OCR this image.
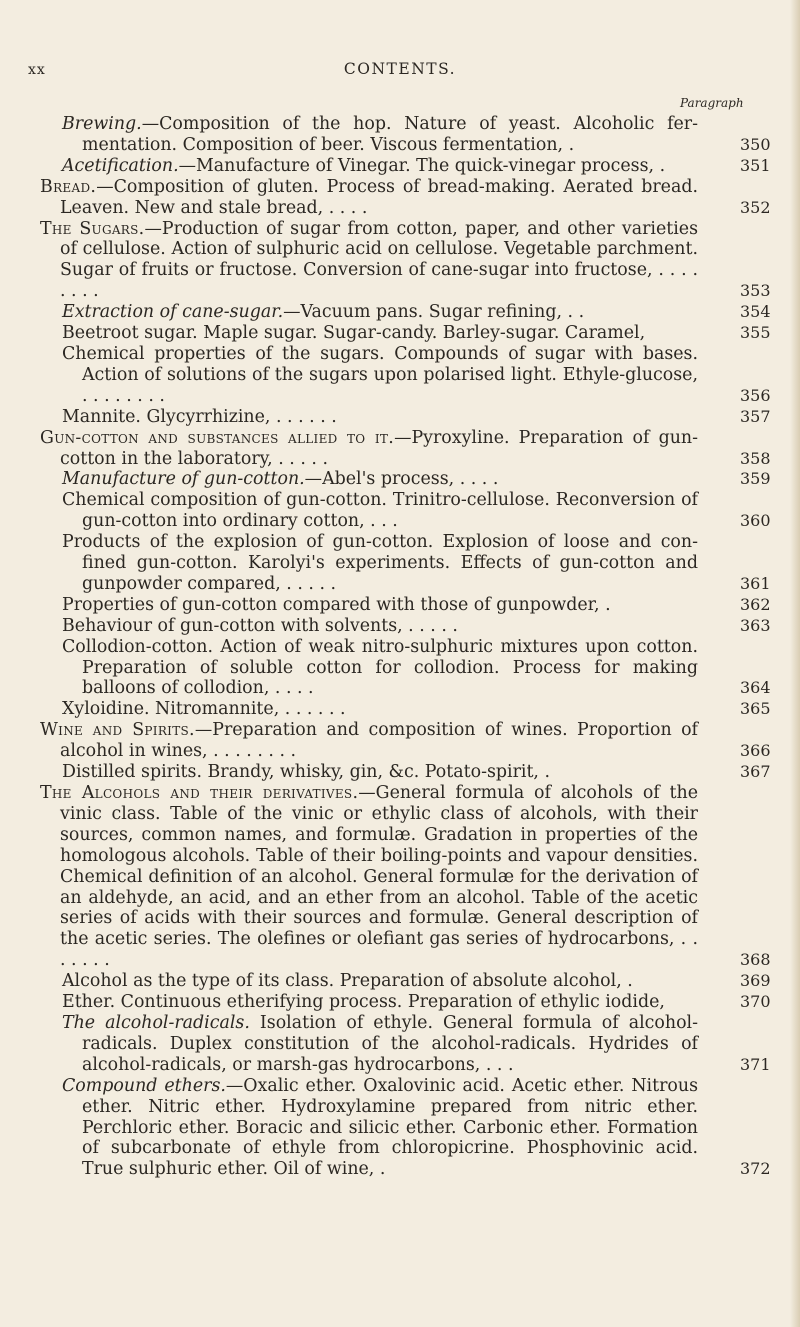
xx	CONTENTS.
Paragraph
Brewing.—Composition of the hop. Nature of yeast. Alcoholic fermentation. Composition of beer. Viscous fermentation, .	350
Acetification.—Manufacture of Vinegar. The quick-vinegar process, .	351
Bread.—Composition of gluten. Process of bread-making. Aerated bread. Leaven. New and stale bread, . . . .	352
The Sugars.—Production of sugar from cotton, paper, and other varieties of cellulose. Action of sulphuric acid on cellulose. Vegetable parchment. Sugar of fruits or fructose. Conversion of cane-sugar into fructose, . . . . . . . .	353
Extraction of cane-sugar.—Vacuum pans. Sugar refining, . .	354
Beetroot sugar. Maple sugar. Sugar-candy. Barley-sugar. Caramel,	355
Chemical properties of the sugars. Compounds of sugar with bases. Action of solutions of the sugars upon polarised light. Ethyle-glucose, . . . . . . . .	356
Mannite. Glycyrrhizine, . . . . . .	357
Gun-cotton and substances allied to it.—Pyroxyline. Preparation of gun-cotton in the laboratory, . . . . .	358
Manufacture of gun-cotton.—Abel's process, . . . .	359
Chemical composition of gun-cotton. Trinitro-cellulose. Reconversion of gun-cotton into ordinary cotton, . . .	360
Products of the explosion of gun-cotton. Explosion of loose and confined gun-cotton. Karolyi's experiments. Effects of gun-cotton and gunpowder compared, . . . . .	361
Properties of gun-cotton compared with those of gunpowder, .	362
Behaviour of gun-cotton with solvents, . . . . .	363
Collodion-cotton. Action of weak nitro-sulphuric mixtures upon cotton. Preparation of soluble cotton for collodion. Process for making balloons of collodion, . . . .	364
Xyloidine. Nitromannite, . . . . . .	365
Wine and Spirits.—Preparation and composition of wines. Proportion of alcohol in wines, . . . . . . . .	366
Distilled spirits. Brandy, whisky, gin, &c. Potato-spirit, .	367
The Alcohols and their derivatives.—General formula of alcohols of the vinic class. Table of the vinic or ethylic class of alcohols, with their sources, common names, and formulæ. Gradation in properties of the homologous alcohols. Table of their boiling-points and vapour densities. Chemical definition of an alcohol. General formulæ for the derivation of an aldehyde, an acid, and an ether from an alcohol. Table of the acetic series of acids with their sources and formulæ. General description of the acetic series. The olefines or olefiant gas series of hydrocarbons, . . . . . . .	368
Alcohol as the type of its class. Preparation of absolute alcohol, .	369
Ether. Continuous etherifying process. Preparation of ethylic iodide,	370
The alcohol-radicals. Isolation of ethyle. General formula of alcohol-radicals. Duplex constitution of the alcohol-radicals. Hydrides of alcohol-radicals, or marsh-gas hydrocarbons, . . .	371
Compound ethers.—Oxalic ether. Oxalovinic acid. Acetic ether. Nitrous ether. Nitric ether. Hydroxylamine prepared from nitric ether. Perchloric ether. Boracic and silicic ether. Carbonic ether. Formation of subcarbonate of ethyle from chloropicrine. Phosphovinic acid. True sulphuric ether. Oil of wine, .	372
